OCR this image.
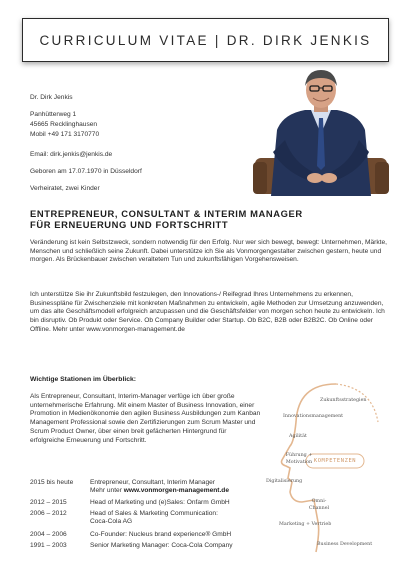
CURRICULUM VITAE | DR. DIRK JENKIS
Dr. Dirk Jenkis
Panhütterweg 1
45665 Recklinghausen
Mobil +49 171 3170770
Email: dirk.jenkis@jenkis.de
Geboren am 17.07.1970 in Düsseldorf
Verheiratet, zwei Kinder
ENTREPRENEUR, CONSULTANT & INTERIM MANAGER
FÜR ERNEUERUNG UND FORTSCHRITT
Veränderung ist kein Selbstzweck, sondern notwendig für den Erfolg. Nur wer sich bewegt, bewegt: Unternehmen, Märkte, Menschen und schließlich seine Zukunft. Dabei unterstütze ich Sie als Vonmorgengestalter zwischen gestern, heute und morgen. Als Brückenbauer zwischen veraltetem Tun und zukunftsfähigen Vorgehensweisen.
Ich unterstütze Sie ihr Zukunftsbild festzulegen, den Innovations-/ Reifegrad Ihres Unternehmens zu erkennen, Businesspläne für Zwischenziele mit konkreten Maßnahmen zu entwickeln, agile Methoden zur Umsetzung anzuwenden, um das alte Geschäftsmodell erfolgreich anzupassen und die Geschäftsfelder von morgen schon heute zu entwickeln. Ich bin disruptiv. Ob Produkt oder Service. Ob Company Builder oder Startup. Ob B2C, B2B oder B2B2C. Ob Online oder Offline. Mehr unter www.vonmorgen-management.de
Wichtige Stationen im Überblick:
Als Entrepreneur, Consultant, Interim-Manager verfüge ich über große unternehmerische Erfahrung. Mit einem Master of Business Innovation, einer Promotion in Medienökonomie den agilen Business Ausbildungen zum Kanban Management Professional sowie den Zertifizierungen zum Scrum Master und Scrum Product Owner, über einen breit gefächerten Hintergrund für erfolgreiche Erneuerung und Fortschritt.
2015 bis heute	Entrepreneur, Consultant, Interim Manager
Mehr unter www.vonmorgen-management.de
2012 – 2015	Head of Marketing und (e)Sales: Onfarm GmbH
2006 – 2012	Head of Sales & Marketing Communication:
Coca-Cola AG
2004 – 2006	Co-Founder: Nucleus brand experience® GmbH
1991 – 2003	Senior Marketing Manager: Coca-Cola Company
KOMPETENZEN
Zukunftsstrategien
Innovationsmanagement
Agilität
Führung + Motivation
Digitalisierung
Omni-Channel
Marketing + Vertrieb
Business Development
